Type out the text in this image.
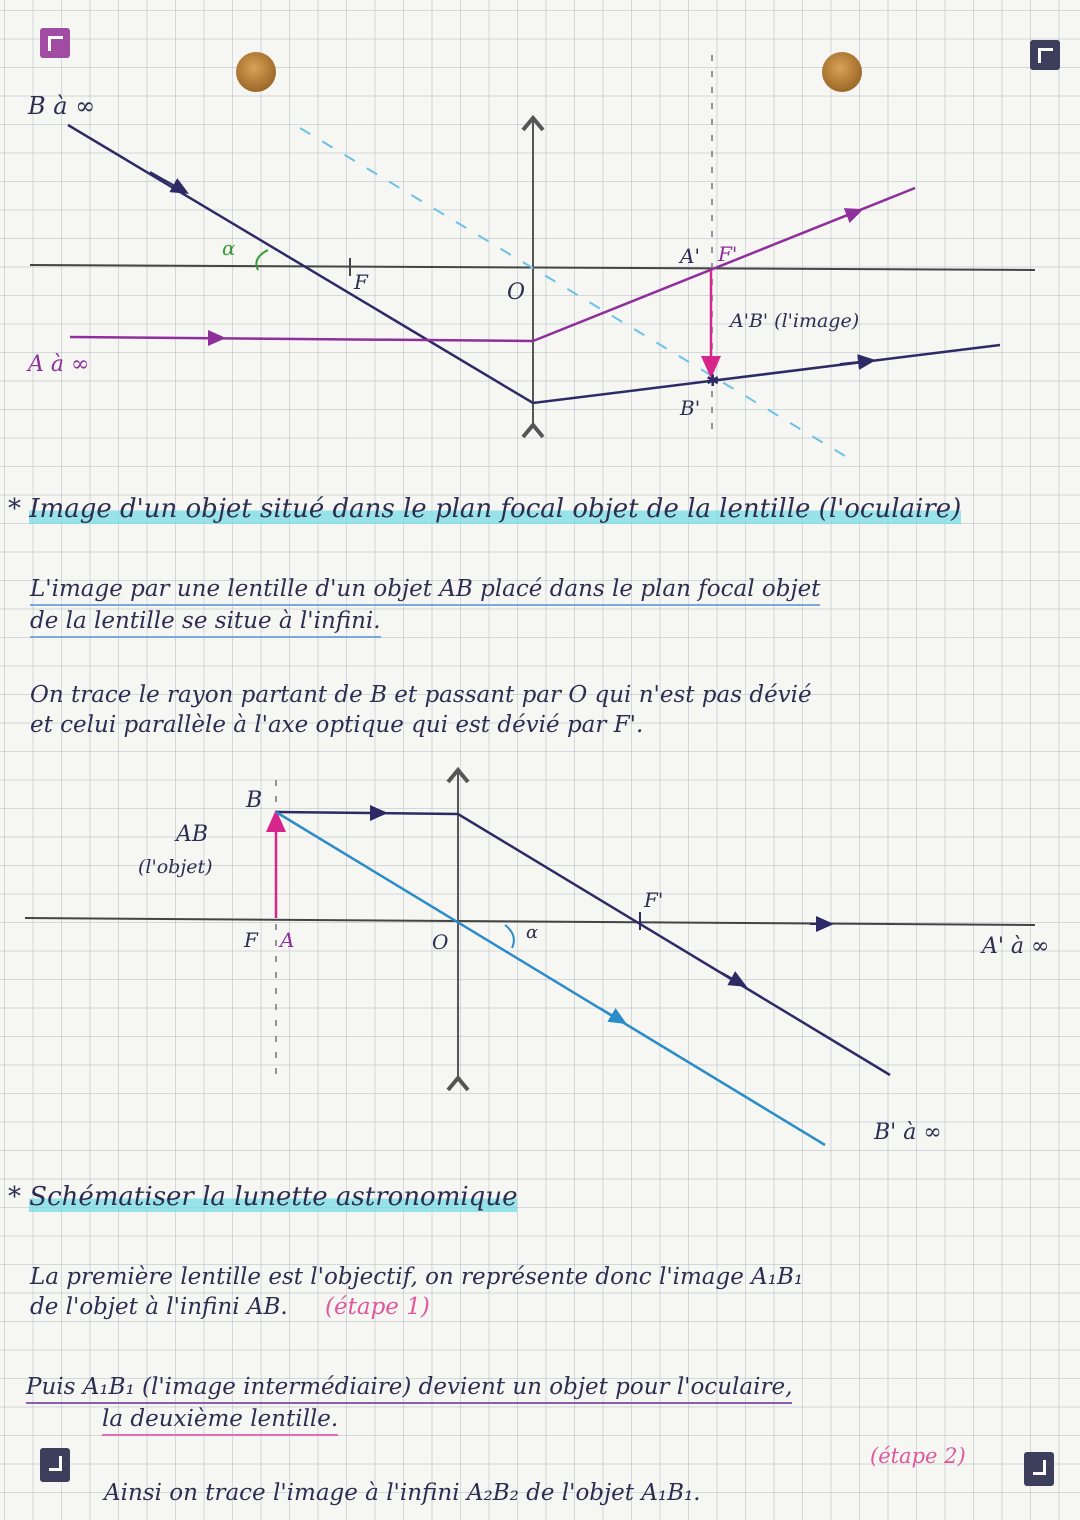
✱
B à ∞
A à ∞
α
F	O
A' F'
A'B' (l'image)
B'
* Image d'un objet situé dans le plan focal objet de la lentille (l'oculaire)
L'image par une lentille d'un objet AB placé dans le plan focal objet
de la lentille se situe à l'infini.
On trace le rayon partant de B et passant par O qui n'est pas dévié
et celui parallèle à l'axe optique qui est dévié par F'.
B
AB
(l'objet)
F A	O	α
F'
A' à ∞
B' à ∞
* Schématiser la lunette astronomique
La première lentille est l'objectif, on représente donc l'image A₁B₁
de l'objet à l'infini AB. (étape 1)
Puis A₁B₁ (l'image intermédiaire) devient un objet pour l'oculaire,
la deuxième lentille.
(étape 2)
Ainsi on trace l'image à l'infini A₂B₂ de l'objet A₁B₁.
